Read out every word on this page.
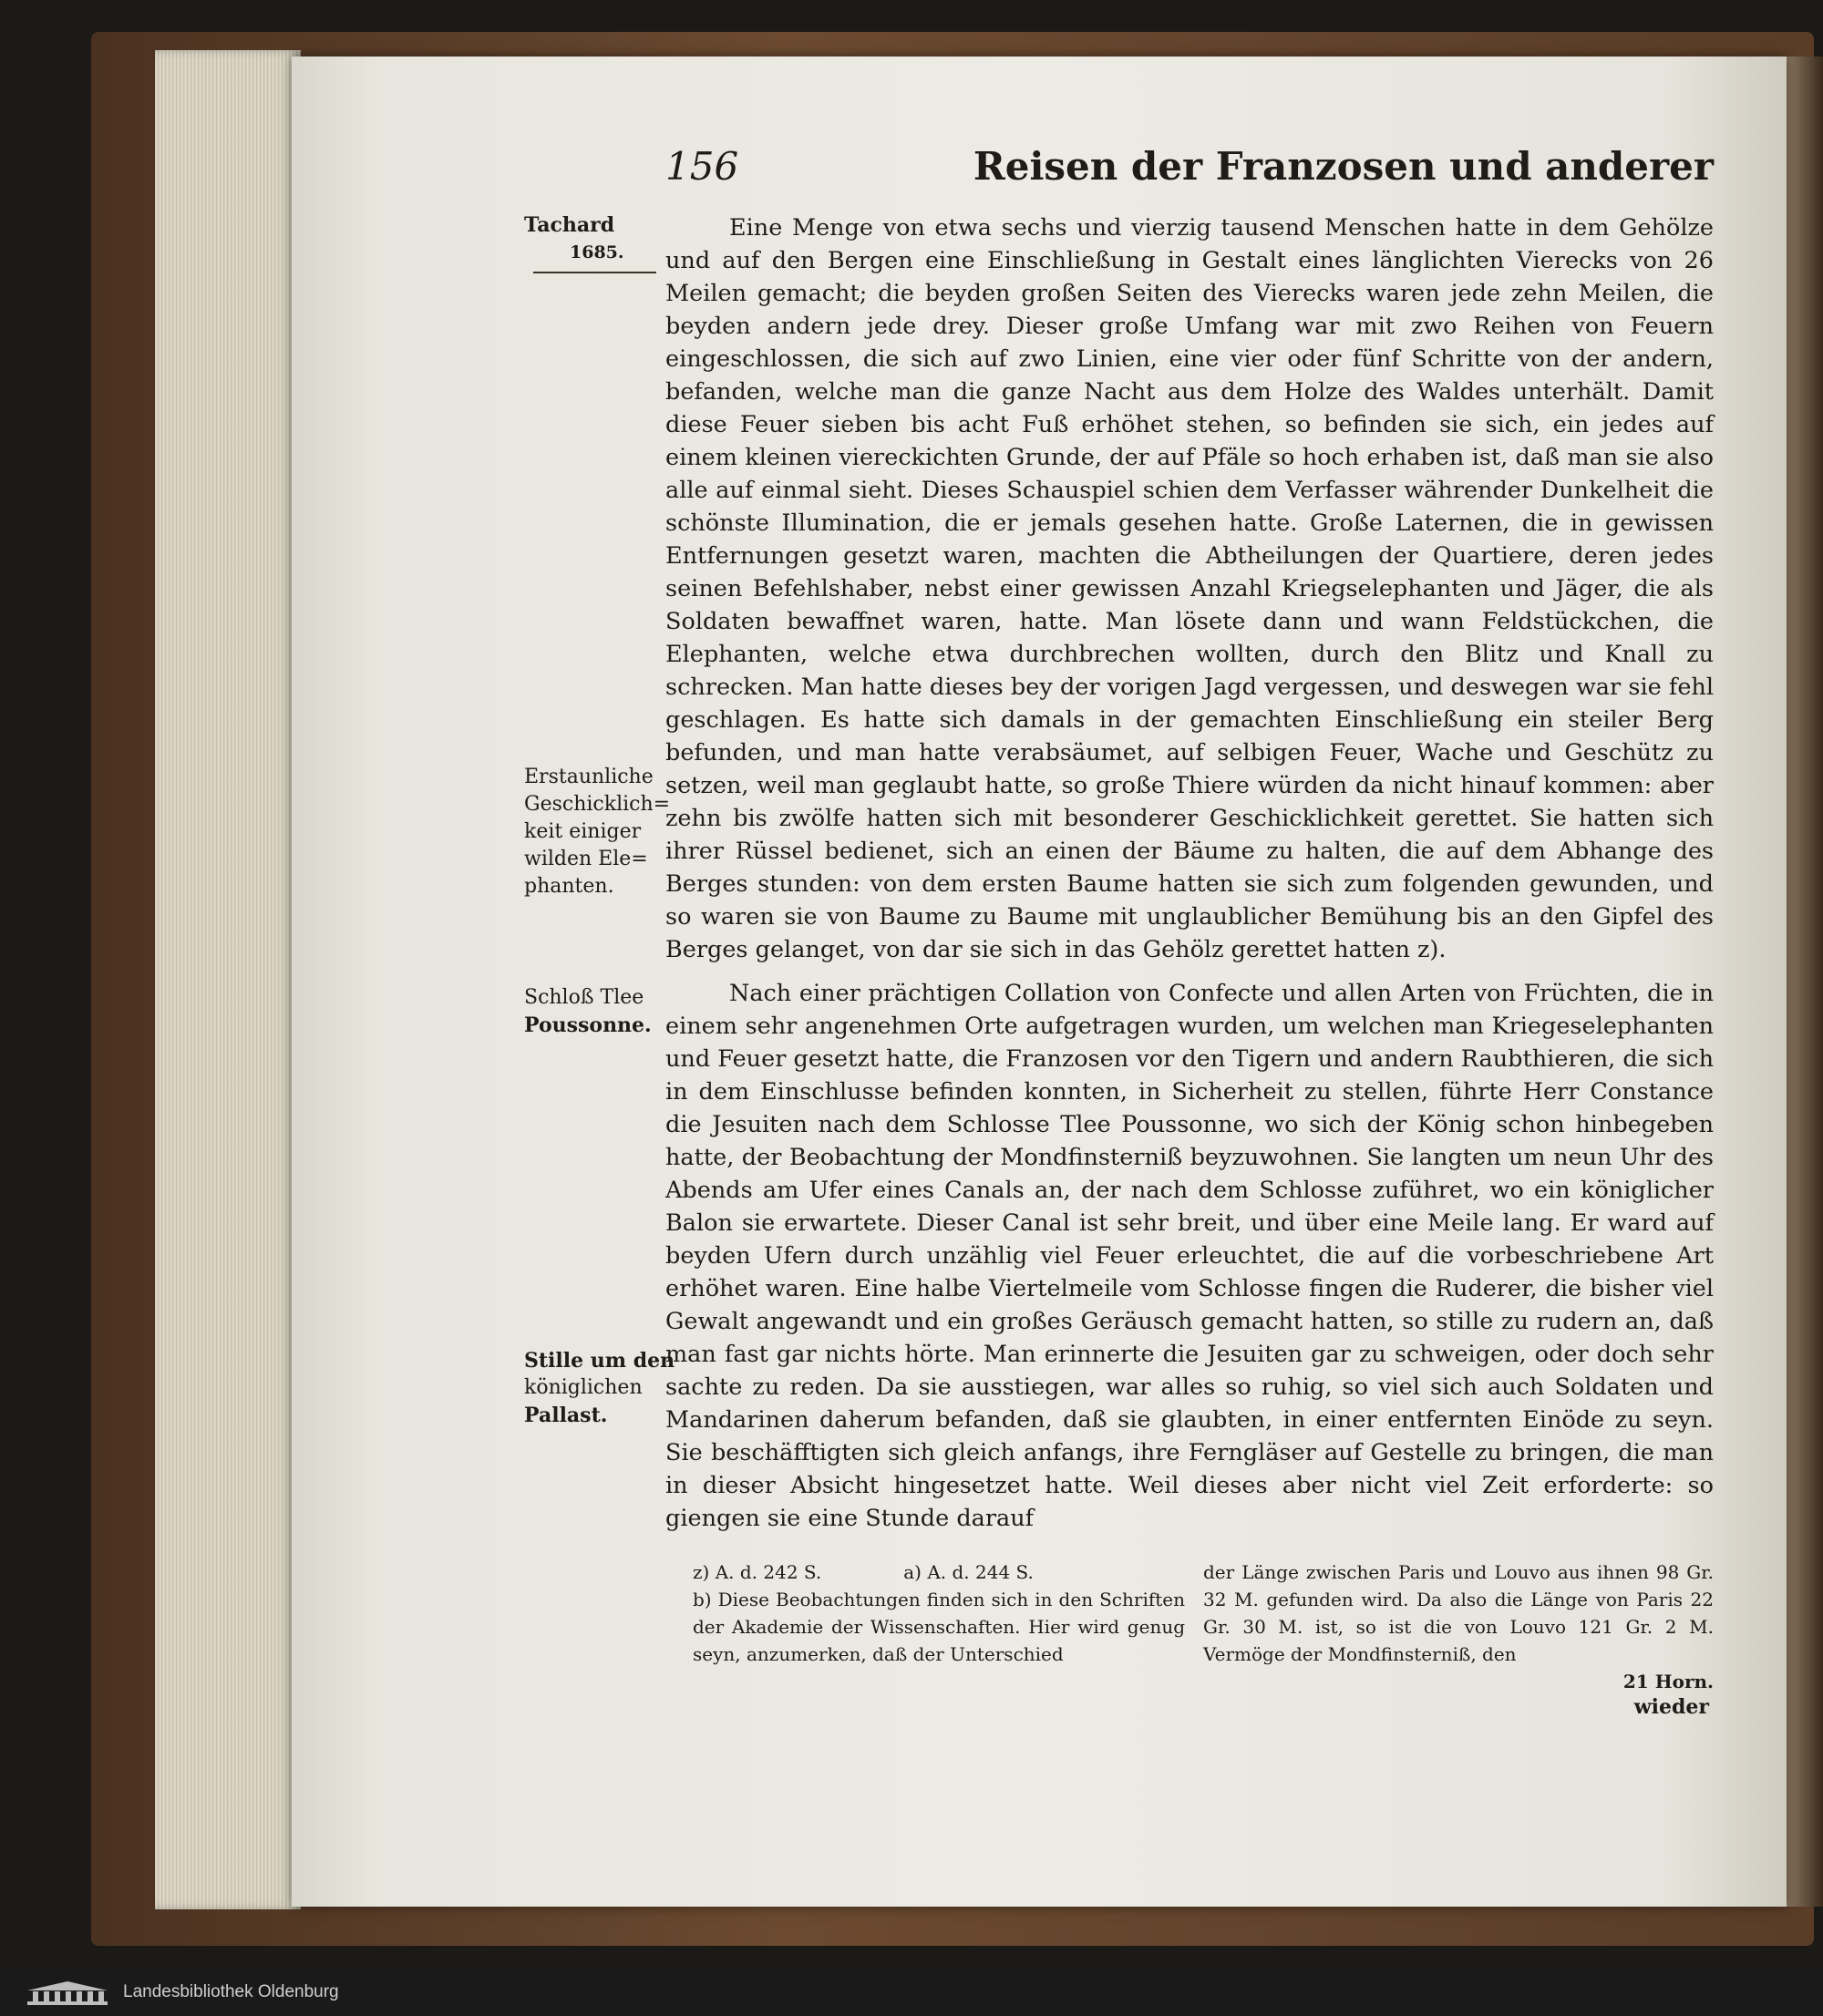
156	Reisen der Franzosen und anderer
Tachard
1685.
Erstaunliche
Geschicklich=
keit einiger
wilden Ele=
phanten.
Schloß Tlee
Poussonne.
Stille um den
königlichen
Pallast.

Eine Menge von etwa sechs und vierzig tausend Menschen hatte in dem Gehölze und auf den Bergen eine Einschließung in Gestalt eines länglichten Vierecks von 26 Meilen gemacht; die beyden großen Seiten des Vierecks waren jede zehn Meilen, die beyden andern jede drey. Dieser große Umfang war mit zwo Reihen von Feuern eingeschlossen, die sich auf zwo Linien, eine vier oder fünf Schritte von der andern, befanden, welche man die ganze Nacht aus dem Holze des Waldes unterhält. Damit diese Feuer sieben bis acht Fuß erhöhet stehen, so befinden sie sich, ein jedes auf einem kleinen viereckichten Grunde, der auf Pfäle so hoch erhaben ist, daß man sie also alle auf einmal sieht. Dieses Schauspiel schien dem Verfasser währender Dunkelheit die schönste Illumination, die er jemals gesehen hatte. Große Laternen, die in gewissen Entfernungen gesetzt waren, machten die Abtheilungen der Quartiere, deren jedes seinen Befehlshaber, nebst einer gewissen Anzahl Kriegselephanten und Jäger, die als Soldaten bewaffnet waren, hatte. Man lösete dann und wann Feldstückchen, die Elephanten, welche etwa durchbrechen wollten, durch den Blitz und Knall zu schrecken. Man hatte dieses bey der vorigen Jagd vergessen, und deswegen war sie fehl geschlagen. Es hatte sich damals in der gemachten Einschließung ein steiler Berg befunden, und man hatte verabsäumet, auf selbigen Feuer, Wache und Geschütz zu setzen, weil man geglaubt hatte, so große Thiere würden da nicht hinauf kommen: aber zehn bis zwölfe hatten sich mit besonderer Geschicklichkeit gerettet. Sie hatten sich ihrer Rüssel bedienet, sich an einen der Bäume zu halten, die auf dem Abhange des Berges stunden: von dem ersten Baume hatten sie sich zum folgenden gewunden, und so waren sie von Baume zu Baume mit unglaublicher Bemühung bis an den Gipfel des Berges gelanget, von dar sie sich in das Gehölz gerettet hatten z).

Nach einer prächtigen Collation von Confecte und allen Arten von Früchten, die in einem sehr angenehmen Orte aufgetragen wurden, um welchen man Kriegeselephanten und Feuer gesetzt hatte, die Franzosen vor den Tigern und andern Raubthieren, die sich in dem Einschlusse befinden konnten, in Sicherheit zu stellen, führte Herr Constance die Jesuiten nach dem Schlosse Tlee Poussonne, wo sich der König schon hinbegeben hatte, der Beobachtung der Mondfinsterniß beyzuwohnen. Sie langten um neun Uhr des Abends am Ufer eines Canals an, der nach dem Schlosse zuführet, wo ein königlicher Balon sie erwartete. Dieser Canal ist sehr breit, und über eine Meile lang. Er ward auf beyden Ufern durch unzählig viel Feuer erleuchtet, die auf die vorbeschriebene Art erhöhet waren. Eine halbe Viertelmeile vom Schlosse fingen die Ruderer, die bisher viel Gewalt angewandt und ein großes Geräusch gemacht hatten, so stille zu rudern an, daß man fast gar nichts hörte. Man erinnerte die Jesuiten gar zu schweigen, oder doch sehr sachte zu reden. Da sie ausstiegen, war alles so ruhig, so viel sich auch Soldaten und Mandarinen daherum befanden, daß sie glaubten, in einer entfernten Einöde zu seyn. Sie beschäfftigten sich gleich anfangs, ihre Ferngläser auf Gestelle zu bringen, die man in dieser Absicht hingesetzet hatte. Weil dieses aber nicht viel Zeit erforderte: so giengen sie eine Stunde darauf

wieder
z) A. d. 242 S.	a) A. d. 244 S.
b) Diese Beobachtungen finden sich in den Schriften der Akademie der Wissenschaften. Hier wird genug seyn, anzumerken, daß der Unterschied
der Länge zwischen Paris und Louvo aus ihnen 98 Gr. 32 M. gefunden wird. Da also die Länge von Paris 22 Gr. 30 M. ist, so ist die von Louvo 121 Gr. 2 M. Vermöge der Mondfinsterniß, den
21 Horn.
Landesbibliothek Oldenburg
